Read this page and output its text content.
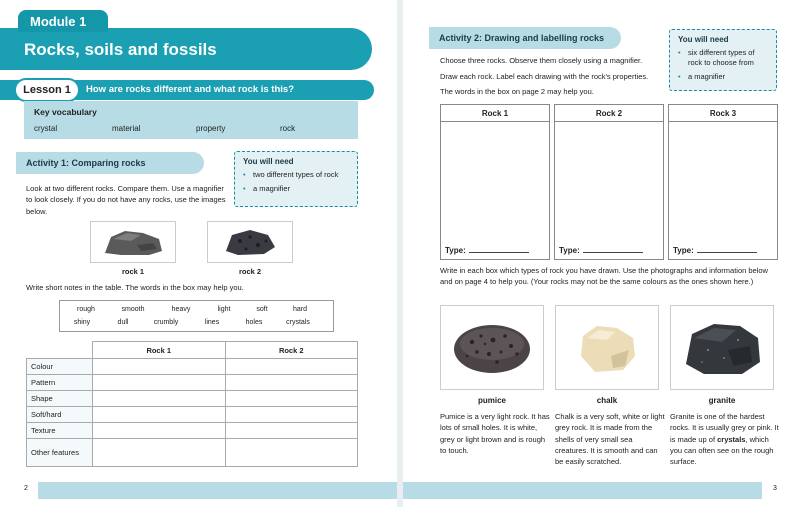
Rocks, soils and fossils
Module 1
How are rocks different and what rock is this?
Lesson 1
Key vocabulary
crystal	material	property	rock
Activity 1: Comparing rocks	You will need
• two different types of rock
• a magnifier
Look at two different rocks. Compare them. Use a magnifier to look closely. If you do not have any rocks, use the images below.
rock 1	rock 2
Write short notes in the table. The words in the box may help you.
rough	smooth	heavy	light	soft	hard
shiny	dull	crumbly	lines	holes	crystals
	Rock 1	Rock 2
Colour		
Pattern		
Shape		
Soft/hard		
Texture		
Other features		
2
Activity 2: Drawing and labelling rocks	You will need
• six different types of rock to choose from
• a magnifier
Choose three rocks. Observe them closely using a magnifier.
Draw each rock. Label each drawing with the rock's properties.
The words in the box on page 2 may help you.
Rock 1
Type:
Rock 2
Type:
Rock 3
Type:
Write in each box which types of rock you have drawn. Use the photographs and information below and on page 4 to help you. (Your rocks may not be the same colours as the ones shown here.)
pumice	chalk	granite
Pumice is a very light rock. It has lots of small holes. It is white, grey or light brown and is rough to touch.
Chalk is a very soft, white or light grey rock. It is made from the shells of very small sea creatures. It is smooth and can be easily scratched.
Granite is one of the hardest rocks. It is usually grey or pink. It is made up of crystals, which you can often see on the rough surface.
3
